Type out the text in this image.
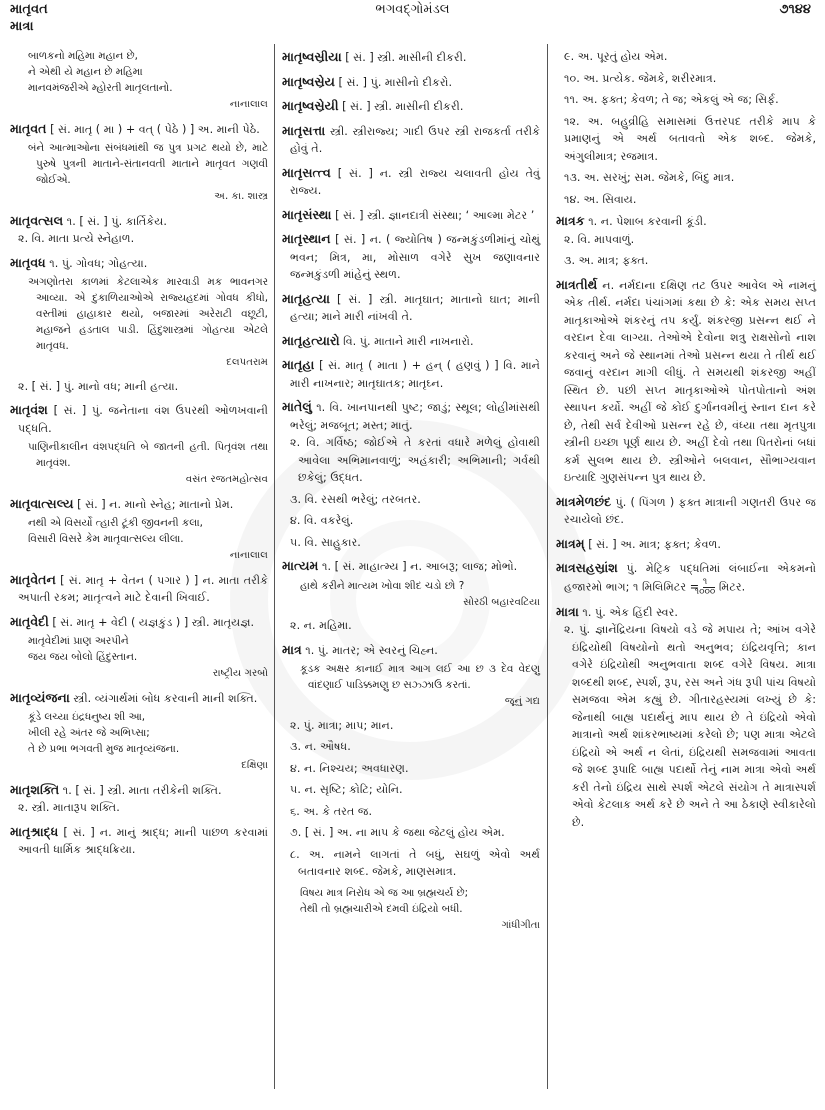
માતૃવત
માત્રા
ભગવદ્ગોમંડલ	૭૧૪૪
બાળકનો મહિમા મહાન છે,
ને એથી યે મહાન છે મહિમા
માનવમંજરીએ મ્હોરતી માતૃલતાનો.
નાનાલાલ
માતૃવત [ સં. માતૃ ( મા ) + વત્ ( પેઠે ) ] અ. માની પેઠે.
બંને આત્માઓના સંબંધમાંથી જ પુત્ર પ્રગટ થયો છે, માટે પુરુષે પુત્રની માતાને-સંતાનવતી માતાને માતૃવત ગણવી જોઈએ.
અ. કા. શાસ્ત્ર
માતૃવત્સલ ૧. [ સં. ] પું. કાર્તિકેય.
૨. વિ. માતા પ્રત્યે સ્નેહાળ.
માતૃવધ ૧. પું. ગોવધ; ગોહત્યા.
અગણોતરા કાળમાં કેટલાએક મારવાડી મક ભાવનગર આવ્યા. એ દુકાળિયાઓએ રાજ્યહદમાં ગોવધ કીધો, વસ્તીમાં હાહાકાર થયો, બજારમાં અરેરાટી વછૂટી, મહાજને હડતાલ પાડી. હિંદુશાસ્ત્રમાં ગોહત્યા એટલે માતૃવધ.
દલપતરામ
૨. [ સં. ] પું. માનો વધ; માની હત્યા.
માતૃવંશ [ સં. ] પું. જનેતાના વંશ ઉપરથી ઓળખવાની પદ્ધતિ.
પાણિનીકાલીન વંશપદ્ધતિ બે જાતની હતી. પિતૃવંશ તથા માતૃવંશ.
વસંત રજતમહોત્સવ
માતૃવાત્સલ્ય [ સં. ] ન. માનો સ્નેહ; માતાનો પ્રેમ.
નથી એ વિસર્યો ત્હારી ટૂંકી જીવનની કલા,
વિસારી વિસરે કેમ માતૃવાત્સલ્ય લીલા.
નાનાલાલ
માતૃવેતન [ સં. માતૃ + વેતન ( પગાર ) ] ન. માતા તરીકે અપાતી રકમ; માતૃત્વને માટે દેવાની ખિવાઈ.
માતૃવેદી [ સં. માતૃ + વેદી ( યજ્ઞકુંડ ) ] સ્ત્રી. માતૃયજ્ઞ.
માતૃવેદીમાં પ્રાણ અરપીને
જય જય બોલો હિંદુસ્તાન.
રાષ્ટ્રીય ગરબો
માતૃવ્યંજના સ્ત્રી. વ્યંગાર્થમાં બોધ કરવાની માની શક્તિ.
કૂંડે લચ્યા ઇંદ્રધનુષ્ય શી આ,
ખીલી રહે અંતર જે અભિપ્સા;
તે છે પ્રભા ભગવતી મુજ માતૃવ્યંજના.
દક્ષિણા
માતૃશક્તિ ૧. [ સં. ] સ્ત્રી. માતા તરીકેની શક્તિ.
૨. સ્ત્રી. માતારૂપ શક્તિ.
માતૃશ્રાદ્ધ [ સં. ] ન. માનું શ્રાદ્ધ; માની પાછળ કરવામાં આવતી ધાર્મિક શ્રાદ્ધક્રિયા.
માતૃષ્વસ્રીયા [ સં. ] સ્ત્રી. માસીની દીકરી.
માતૃષ્વસ્રેય [ સં. ] પું. માસીનો દીકરો.
માતૃષ્વસ્રેયી [ સં. ] સ્ત્રી. માસીની દીકરી.
માતૃસત્તા સ્ત્રી. સ્ત્રીરાજ્ય; ગાદી ઉપર સ્ત્રી રાજકર્તા તરીકે હોવું તે.
માતૃસત્ત્વ [ સં. ] ન. સ્ત્રી રાજ્ય ચલાવતી હોય તેવું રાજ્ય.
માતૃસંસ્થા [ સં. ] સ્ત્રી. જ્ઞાનદાત્રી સંસ્થા; ‘ આલ્મા મેટર ’
માતૃસ્થાન [ સં. ] ન. ( જ્યોતિષ ) જન્મકુંડળીમાંનું ચોથું ભવન; મિત્ર, મા, મોસાળ વગેરે સુખ જણાવનાર જન્મકુંડળી માંહેનું સ્થળ.
માતૃહત્યા [ સં. ] સ્ત્રી. માતૃઘાત; માતાનો ઘાત; માની હત્યા; માને મારી નાંખવી તે.
માતૃહત્યારો વિ. પું. માતાને મારી નાખનારો.
માતૃહા [ સં. માતૃ ( માતા ) + હન્ ( હણવું ) ] વિ. માને મારી નાખનાર; માતૃઘાતક; માતૃઘ્ન.
માતેલું ૧. વિ. ખાનપાનથી પુષ્ટ; જાડું; સ્થૂલ; લોહીમાંસથી ભરેલું; મજબૂત; મસ્ત; માતું.
૨. વિ. ગર્વિષ્ઠ; જોઈએ તે કરતાં વધારે મળેલું હોવાથી આવેલા અભિમાનવાળું; અહંકારી; અભિમાની; ગર્વથી છકેલું; ઉદ્ધત.
૩. વિ. રસથી ભરેલું; તરબતર.
૪. વિ. વકરેલું.
૫. વિ. સાહુકાર.
માત્યમ ૧. [ સં. માહાત્મ્ય ] ન. આબરૂ; લાજ; મોભો.
હાથે કરીને માત્યમ ખોવા શીદ ચડો છો ?
સોરઠી બહારવટિયા
૨. ન. મહિમા.
માત્ર ૧. પું. માતર; એ સ્વરનું ચિહ્ન.
કૂડક અક્ષર કાનાઈ માત્ર આગ લઈ આ છ ૩ દેવ વેદણુ વાંદણાઈ પાડિક્કમણુ છ સઝ્ઝાઉ કરતાં.
જૂનું ગદ્ય
૨. પું. માત્રા; માપ; માન.
૩. ન. ઔષધ.
૪. ન. નિશ્ચય; અવધારણ.
૫. ન. સૃષ્ટિ; કોટિ; યોનિ.
૬. અ. કે તરત જ.
૭. [ સં. ] અ. ના માપ કે જથા જેટલું હોય એમ.
૮. અ. નામને લાગતાં તે બધું, સઘળું એવો અર્થ બતાવનાર શબ્દ. જેમકે, માણસમાત્ર.
વિષય માત્ર નિરોધ એ જ આ બ્રહ્મચર્ય છે;
તેથી તો બ્રહ્મચારીએ દમવી ઇંદ્રિયો બધી.
ગાંધીગીતા
૯. અ. પૂરતું હોય એમ.
૧૦. અ. પ્રત્યેક. જેમકે, શરીરમાત્ર.
૧૧. અ. ફક્ત; કેવળ; તે જ; એકલું એ જ; સિર્ફ.
૧૨. અ. બહુવ્રીહિ સમાસમાં ઉત્તરપદ તરીકે માપ કે પ્રમાણનું એ અર્થ બતાવતો એક શબ્દ. જેમકે, અંગુલીમાત્ર; રજમાત્ર.
૧૩. અ. સરખું; સમ. જેમકે, બિંદુ માત્ર.
૧૪. અ. સિવાય.
માત્રક ૧. ન. પેશાબ કરવાની કૂંડી.
૨. વિ. માપવાળું.
૩. અ. માત્ર; ફક્ત.
માત્રતીર્થ ન. નર્મદાના દક્ષિણ તટ ઉપર આવેલ એ નામનું એક તીર્થ. નર્મદા પંચાંગમાં કથા છે કે: એક સમય સપ્ત માતૃકાઓએ શંકરનું તપ કર્યું. શંકરજી પ્રસન્ન થઈ ને વરદાન દેવા લાગ્યા. તેઓએ દેવોના શત્રુ રાક્ષસોનો નાશ કરવાનું અને જે સ્થાનમાં તેઓ પ્રસન્ન થયા તે તીર્થ થઈ જવાનું વરદાન માગી લીધું. તે સમયથી શંકરજી અહીં સ્થિત છે. પછી સપ્ત માતૃકાઓએ પોતપોતાનો અંશ સ્થાપન કર્યો. અહીં જે કોઈ દુર્ગાનવમીનું સ્નાન દાન કરે છે, તેથી સર્વ દેવીઓ પ્રસન્ન રહે છે, વંધ્યા તથા મૃતપુત્રા સ્ત્રીની ઇચ્છા પૂર્ણ થાય છે. અહીં દેવો તથા પિતરોનાં બધાં કર્મ સુલભ થાય છે. સ્ત્રીઓને બલવાન, સૌભાગ્યવાન ઇત્યાદિ ગુણસંપન્ન પુત્ર થાય છે.
માત્રમેળછંદ પું. ( પિંગળ ) ફક્ત માત્રાની ગણતરી ઉપર જ રચાયેલો છંદ.
માત્રમ્ [ સં. ] અ. માત્ર; ફક્ત; કેવળ.
માત્રસહસ્રાંશ પું. મેટ્રિક પદ્ધતિમાં લંબાઈના એકમનો હજારમો ભાગ; ૧ મિલિમિટર = $\frac{૧}{૧૦૦૦}$ મિટર.
માત્રા ૧. પું. એક હિંદી સ્વર.
૨. પું. જ્ઞાનેંદ્રિયના વિષયો વડે જે મપાય તે; આંખ વગેરે ઇંદ્રિયોથી વિષયોનો થતો અનુભવ; ઇંદ્રિયવૃત્તિ; કાન વગેરે ઇંદ્રિયોથી અનુભવાતા શબ્દ વગેરે વિષય. માત્રા શબ્દથી શબ્દ, સ્પર્શ, રૂપ, રસ અને ગંધ રૂપી પાંચ વિષયો સમજવા એમ કહ્યું છે. ગીતારહસ્યમાં લખ્યું છે કે: જેનાથી બાહ્ય પદાર્થનું માપ થાય છે તે ઇંદ્રિયો એવો માત્રાનો અર્થ શાંકરભાષ્યમાં કરેલો છે; પણ માત્રા એટલે ઇંદ્રિયો એ અર્થ ન લેતાં, ઇંદ્રિયથી સમજવામાં આવતા જે શબ્દ રૂપાદિ બાહ્ય પદાર્થો તેનું નામ માત્રા એવો અર્થ કરી તેનો ઇંદ્રિય સાથે સ્પર્શ એટલે સંયોગ તે માત્રાસ્પર્શ એવો કેટલાક અર્થ કરે છે અને તે આ ઠેકાણે સ્વીકારેલો છે.
